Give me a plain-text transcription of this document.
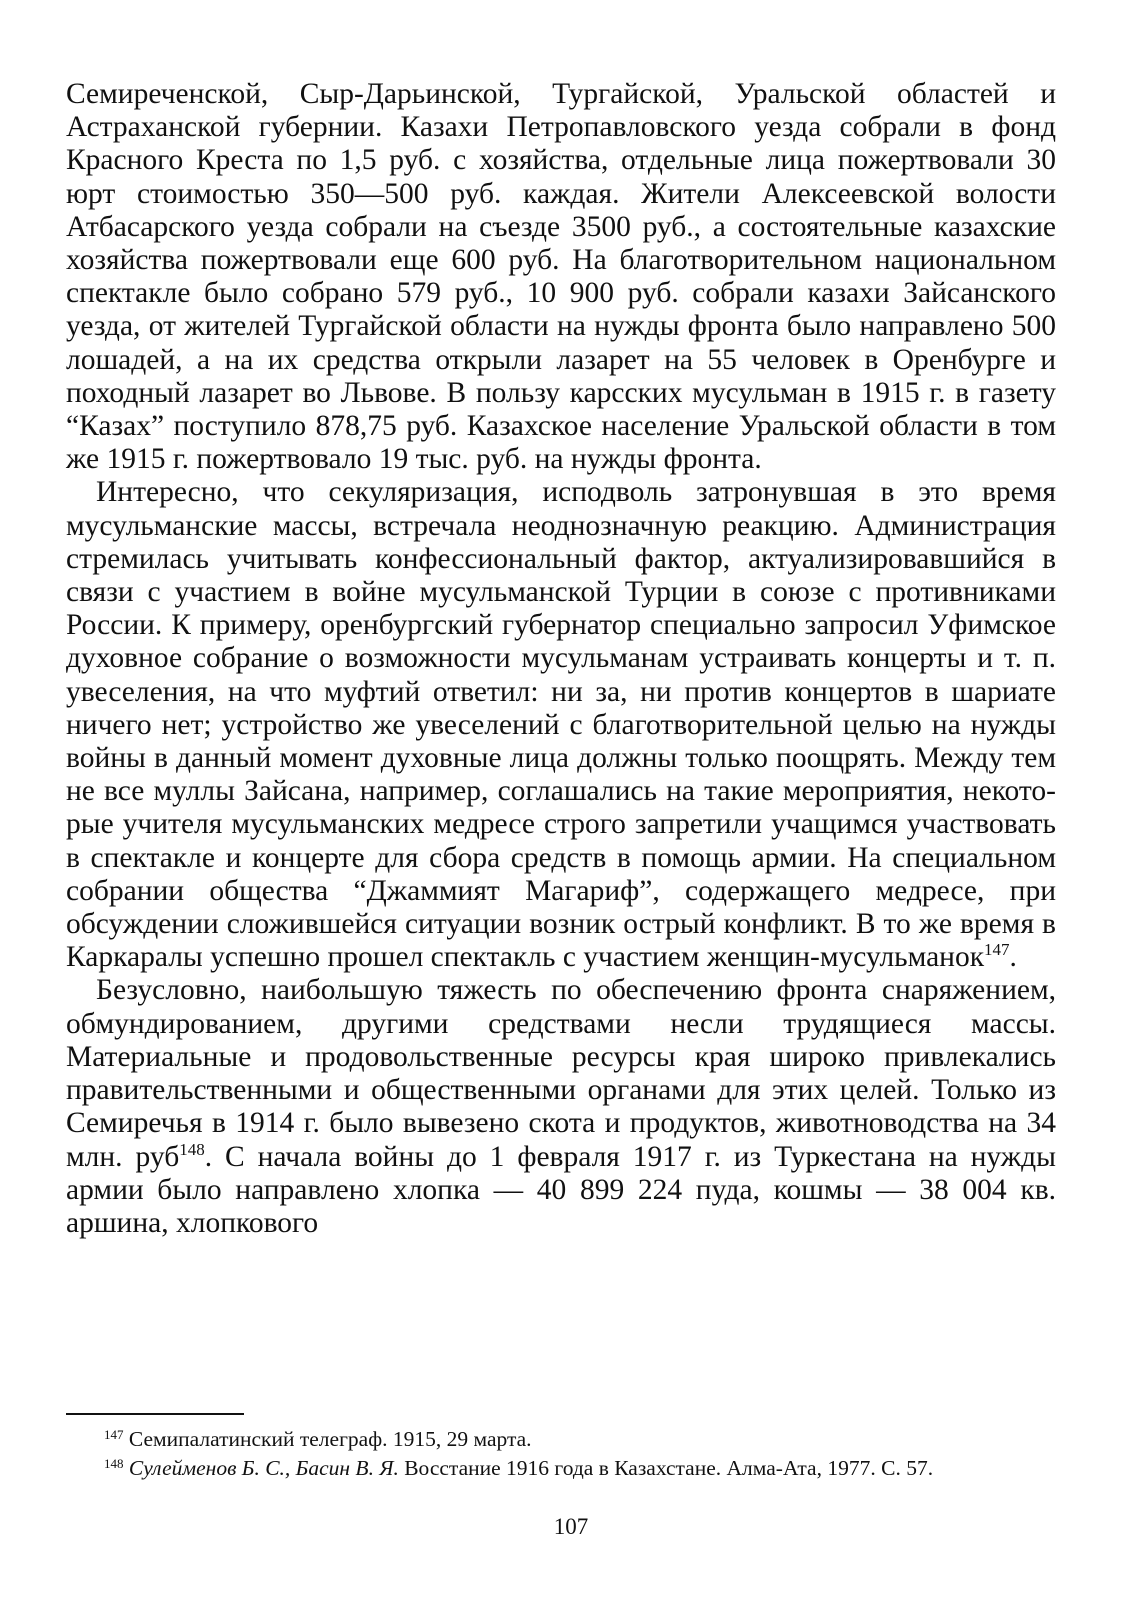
Семиреченской, Сыр-Дарьинской, Тургайской, Уральской областей и Астраханской губернии. Казахи Петропавловского уезда собрали в фонд Красного Креста по 1,5 руб. с хозяйства, отдельные лица пожертвовали 30 юрт стоимостью 350—500 руб. каждая. Жители Алексеевской волости Атбасарского уезда собрали на съезде 3500 руб., а состоятельные казахские хозяйства пожертвовали еще 600 руб. На благотворительном национальном спектакле было собрано 579 руб., 10 900 руб. собрали казахи Зайсанского уезда, от жителей Тургайской области на нужды фронта было направлено 500 лошадей, а на их средства открыли лазарет на 55 человек в Оренбурге и походный лазарет во Львове. В пользу карсских мусульман в 1915 г. в газету “Казах” поступило 878,75 руб. Казахское население Уральской области в том же 1915 г. пожертвовало 19 тыс. руб. на нужды фронта.

Интересно, что секуляризация, исподволь затронувшая в это время мусульманские массы, встречала неоднозначную реакцию. Администрация стремилась учитывать конфессиональный фактор, актуализировавшийся в связи с участием в войне мусульманской Турции в союзе с противниками России. К примеру, оренбургский губернатор специально запросил Уфимское духовное собрание о возможности мусульманам устраивать концерты и т. п. увеселения, на что муфтий ответил: ни за, ни против концертов в шариате ничего нет; устройство же увеселений с благотворительной целью на нужды войны в данный момент духовные лица должны только поощрять. Между тем не все муллы Зайсана, например, соглашались на такие мероприятия, некоторые учителя мусульманских медресе строго запретили учащимся участвовать в спектакле и концерте для сбора средств в помощь армии. На специальном собрании общества “Джаммият Магариф”, содержащего медресе, при обсуждении сложившейся ситуации возник острый конфликт. В то же время в Каркаралы успешно прошел спектакль с участием женщин-мусульманок$^{147}$.

Безусловно, наибольшую тяжесть по обеспечению фронта снаряжением, обмундированием, другими средствами несли трудящиеся массы. Материальные и продовольственные ресурсы края широко привлекались правительственными и общественными органами для этих целей. Только из Семиречья в 1914 г. было вывезено скота и продуктов, животноводства на 34 млн. руб$^{148}$. С начала войны до 1 февраля 1917 г. из Туркестана на нужды армии было направлено хлопка — 40 899 224 пуда, кошмы — 38 004 кв. аршина, хлопкового

$^{147}$ Семипалатинский телеграф. 1915, 29 марта.

$^{148}$ Сулейменов Б. С., Басин В. Я. Восстание 1916 года в Казахстане. Алма-Ата, 1977. С. 57.

107
